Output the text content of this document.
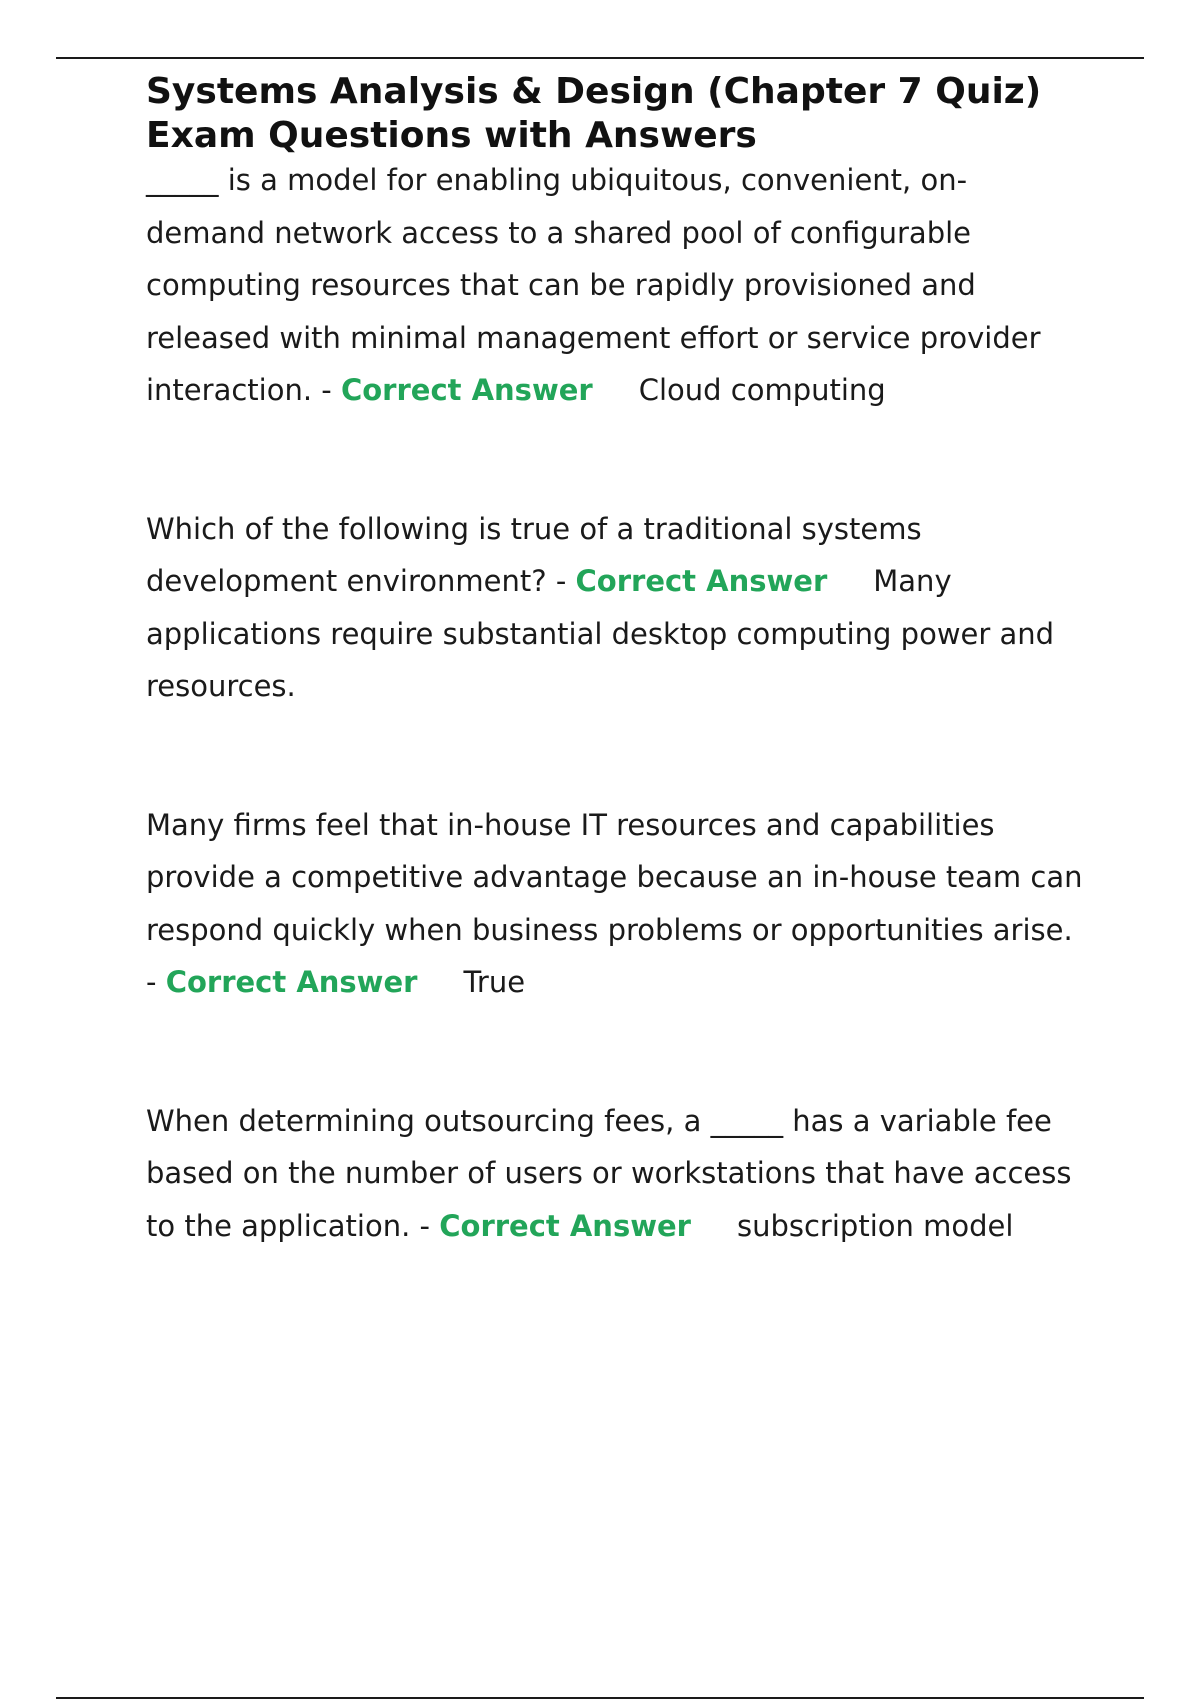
Systems Analysis & Design (Chapter 7 Quiz) Exam Questions with Answers

_____ is a model for enabling ubiquitous, convenient, on-demand network access to a shared pool of configurable computing resources that can be rapidly provisioned and released with minimal management effort or service provider interaction. - Correct Answer Cloud computing

Which of the following is true of a traditional systems development environment? - Correct Answer Many applications require substantial desktop computing power and resources.

Many firms feel that in-house IT resources and capabilities provide a competitive advantage because an in-house team can respond quickly when business problems or opportunities arise. - Correct Answer True

When determining outsourcing fees, a _____ has a variable fee based on the number of users or workstations that have access to the application. - Correct Answer subscription model
